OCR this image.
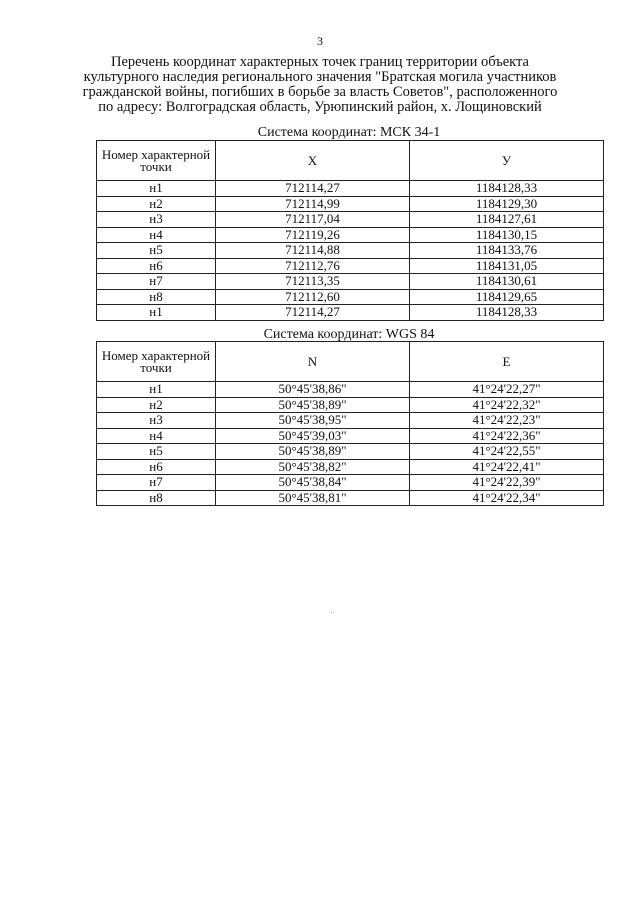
3
Перечень координат характерных точек границ территории объекта
культурного наследия регионального значения "Братская могила участников
гражданской войны, погибших в борьбе за власть Советов", расположенного
по адресу: Волгоградская область, Урюпинский район, х. Лощиновский
Система координат: МСК 34-1
Номер характерной точки	X	У
н1	712114,27	1184128,33
н2	712114,99	1184129,30
н3	712117,04	1184127,61
н4	712119,26	1184130,15
н5	712114,88	1184133,76
н6	712112,76	1184131,05
н7	712113,35	1184130,61
н8	712112,60	1184129,65
н1	712114,27	1184128,33
Система координат: WGS 84
Номер характерной точки	N	E
н1	50°45'38,86"	41°24'22,27"
н2	50°45'38,89"	41°24'22,32"
н3	50°45'38,95"	41°24'22,23"
н4	50°45'39,03"	41°24'22,36"
н5	50°45'38,89"	41°24'22,55"
н6	50°45'38,82"	41°24'22,41"
н7	50°45'38,84"	41°24'22,39"
н8	50°45'38,81"	41°24'22,34"
